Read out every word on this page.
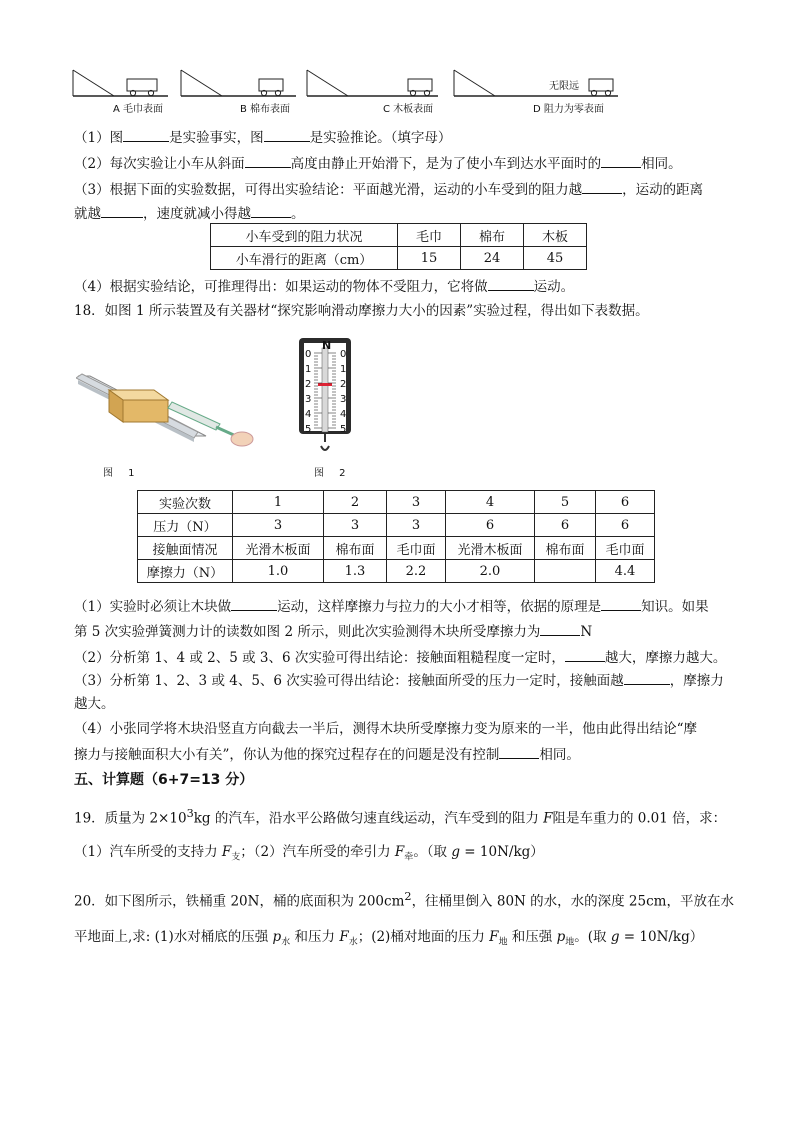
A 毛巾表面	B 棉布表面	C 木板表面	D 阻力为零表面
无限远
（1）图	是实验事实，图	是实验推论。（填字母）
（2）每次实验让小车从斜面	高度由静止开始滑下，是为了使小车到达水平面时的	相同。
（3）根据下面的实验数据，可得出实验结论：平面越光滑，运动的小车受到的阻力越	，运动的距离
就越	，速度就减小得越	。
小车受到的阻力状况	毛巾	棉布	木板
小车滑行的距离（cm）	15	24	45
（4）根据实验结论，可推理得出：如果运动的物体不受阻力，它将做	运动。
18．如图 1 所示装置及有关器材“探究影响滑动摩擦力大小的因素”实验过程，得出如下表数据。
图 1
N
0
1
2
3
4
5
0
1
2
3
4
5
图 2
实验次数	1	2	3	4	5	6
压力（N）	3	3	3	6	6	6
接触面情况	光滑木板面	棉布面	毛巾面	光滑木板面	棉布面	毛巾面
摩擦力（N）	1.0	1.3	2.2	2.0		4.4
（1）实验时必须让木块做	运动，这样摩擦力与拉力的大小才相等，依据的原理是	知识。如果
第 5 次实验弹簧测力计的读数如图 2 所示，则此次实验测得木块所受摩擦力为	N
（2）分析第 1、4 或 2、5 或 3、6 次实验可得出结论：接触面粗糙程度一定时，	越大，摩擦力越大。
（3）分析第 1、2、3 或 4、5、6 次实验可得出结论：接触面所受的压力一定时，接触面越	，摩擦力
越大。
（4）小张同学将木块沿竖直方向截去一半后，测得木块所受摩擦力变为原来的一半，他由此得出结论“摩
擦力与接触面积大小有关”，你认为他的探究过程存在的问题是没有控制	相同。
五、计算题（6+7=13 分）
19．质量为 $2\times 10^3kg$ 的汽车，沿水平公路做匀速直线运动，汽车受到的阻力 F阻是车重力的 0.01 倍，求：
（1）汽车所受的支持力 $F_支$；（2）汽车所受的牵引力 $F_牵$。（取 g = 10N/kg）
20．如下图所示，铁桶重 20N，桶的底面积为 $200cm^2$，往桶里倒入 80N 的水，水的深度 25cm，平放在水
平地面上,求: (1)水对桶底的压强 $p_水$ 和压力 $F_水$；(2)桶对地面的压力 $F_地$ 和压强 $p_地$。(取 g = 10N/kg）
